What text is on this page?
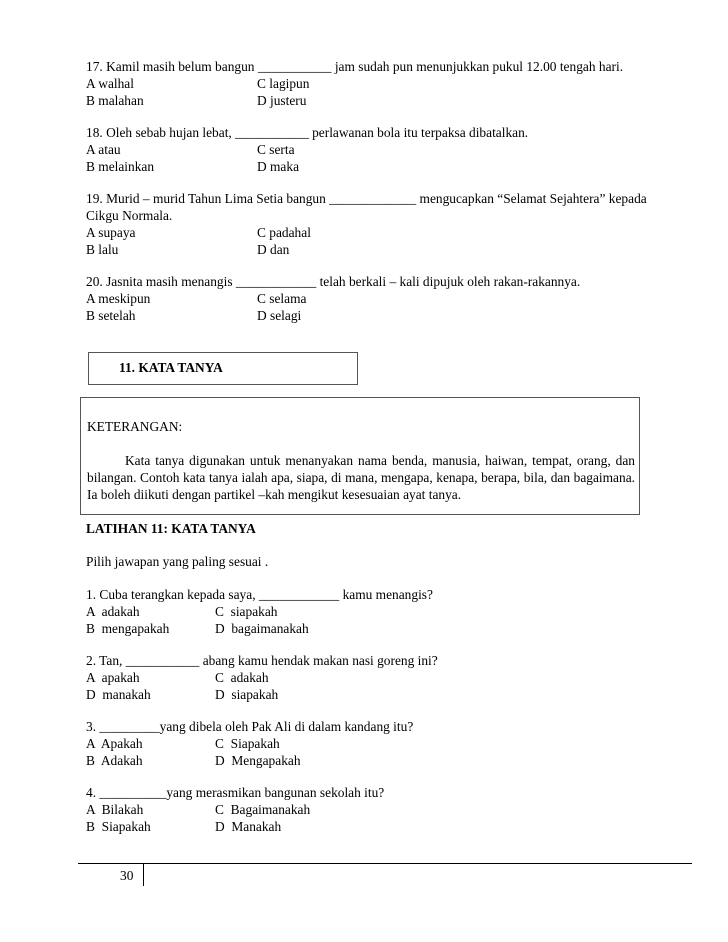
17. Kamil masih belum bangun ___________ jam sudah pun menunjukkan pukul 12.00 tengah hari.
A walhal	C lagipun
B malahan	D justeru
18. Oleh sebab hujan lebat, ___________ perlawanan bola itu terpaksa dibatalkan.
A atau	C serta
B melainkan	D maka
19. Murid – murid Tahun Lima Setia bangun _____________ mengucapkan “Selamat Sejahtera” kepada
Cikgu Normala.
A supaya	C padahal
B lalu	D dan
20. Jasnita masih menangis ____________ telah berkali – kali dipujuk oleh rakan-rakannya.
A meskipun	C selama
B setelah	D selagi
11. KATA TANYA
KETERANGAN:
Kata tanya digunakan untuk menanyakan nama benda, manusia, haiwan, tempat, orang, dan bilangan. Contoh kata tanya ialah apa, siapa, di mana, mengapa, kenapa, berapa, bila, dan bagaimana. Ia boleh diikuti dengan partikel –kah mengikut kesesuaian ayat tanya.
LATIHAN 11: KATA TANYA
Pilih jawapan yang paling sesuai .
1. Cuba terangkan kepada saya, ____________ kamu menangis?
A  adakah	C  siapakah
B  mengapakah	D  bagaimanakah
2. Tan, ___________ abang kamu hendak makan nasi goreng ini?
A  apakah	C  adakah
D  manakah	D  siapakah
3. _________yang dibela oleh Pak Ali di dalam kandang itu?
A  Apakah	C  Siapakah
B  Adakah	D  Mengapakah
4. __________yang merasmikan bangunan sekolah itu?
A  Bilakah	C  Bagaimanakah
B  Siapakah	D  Manakah
30
